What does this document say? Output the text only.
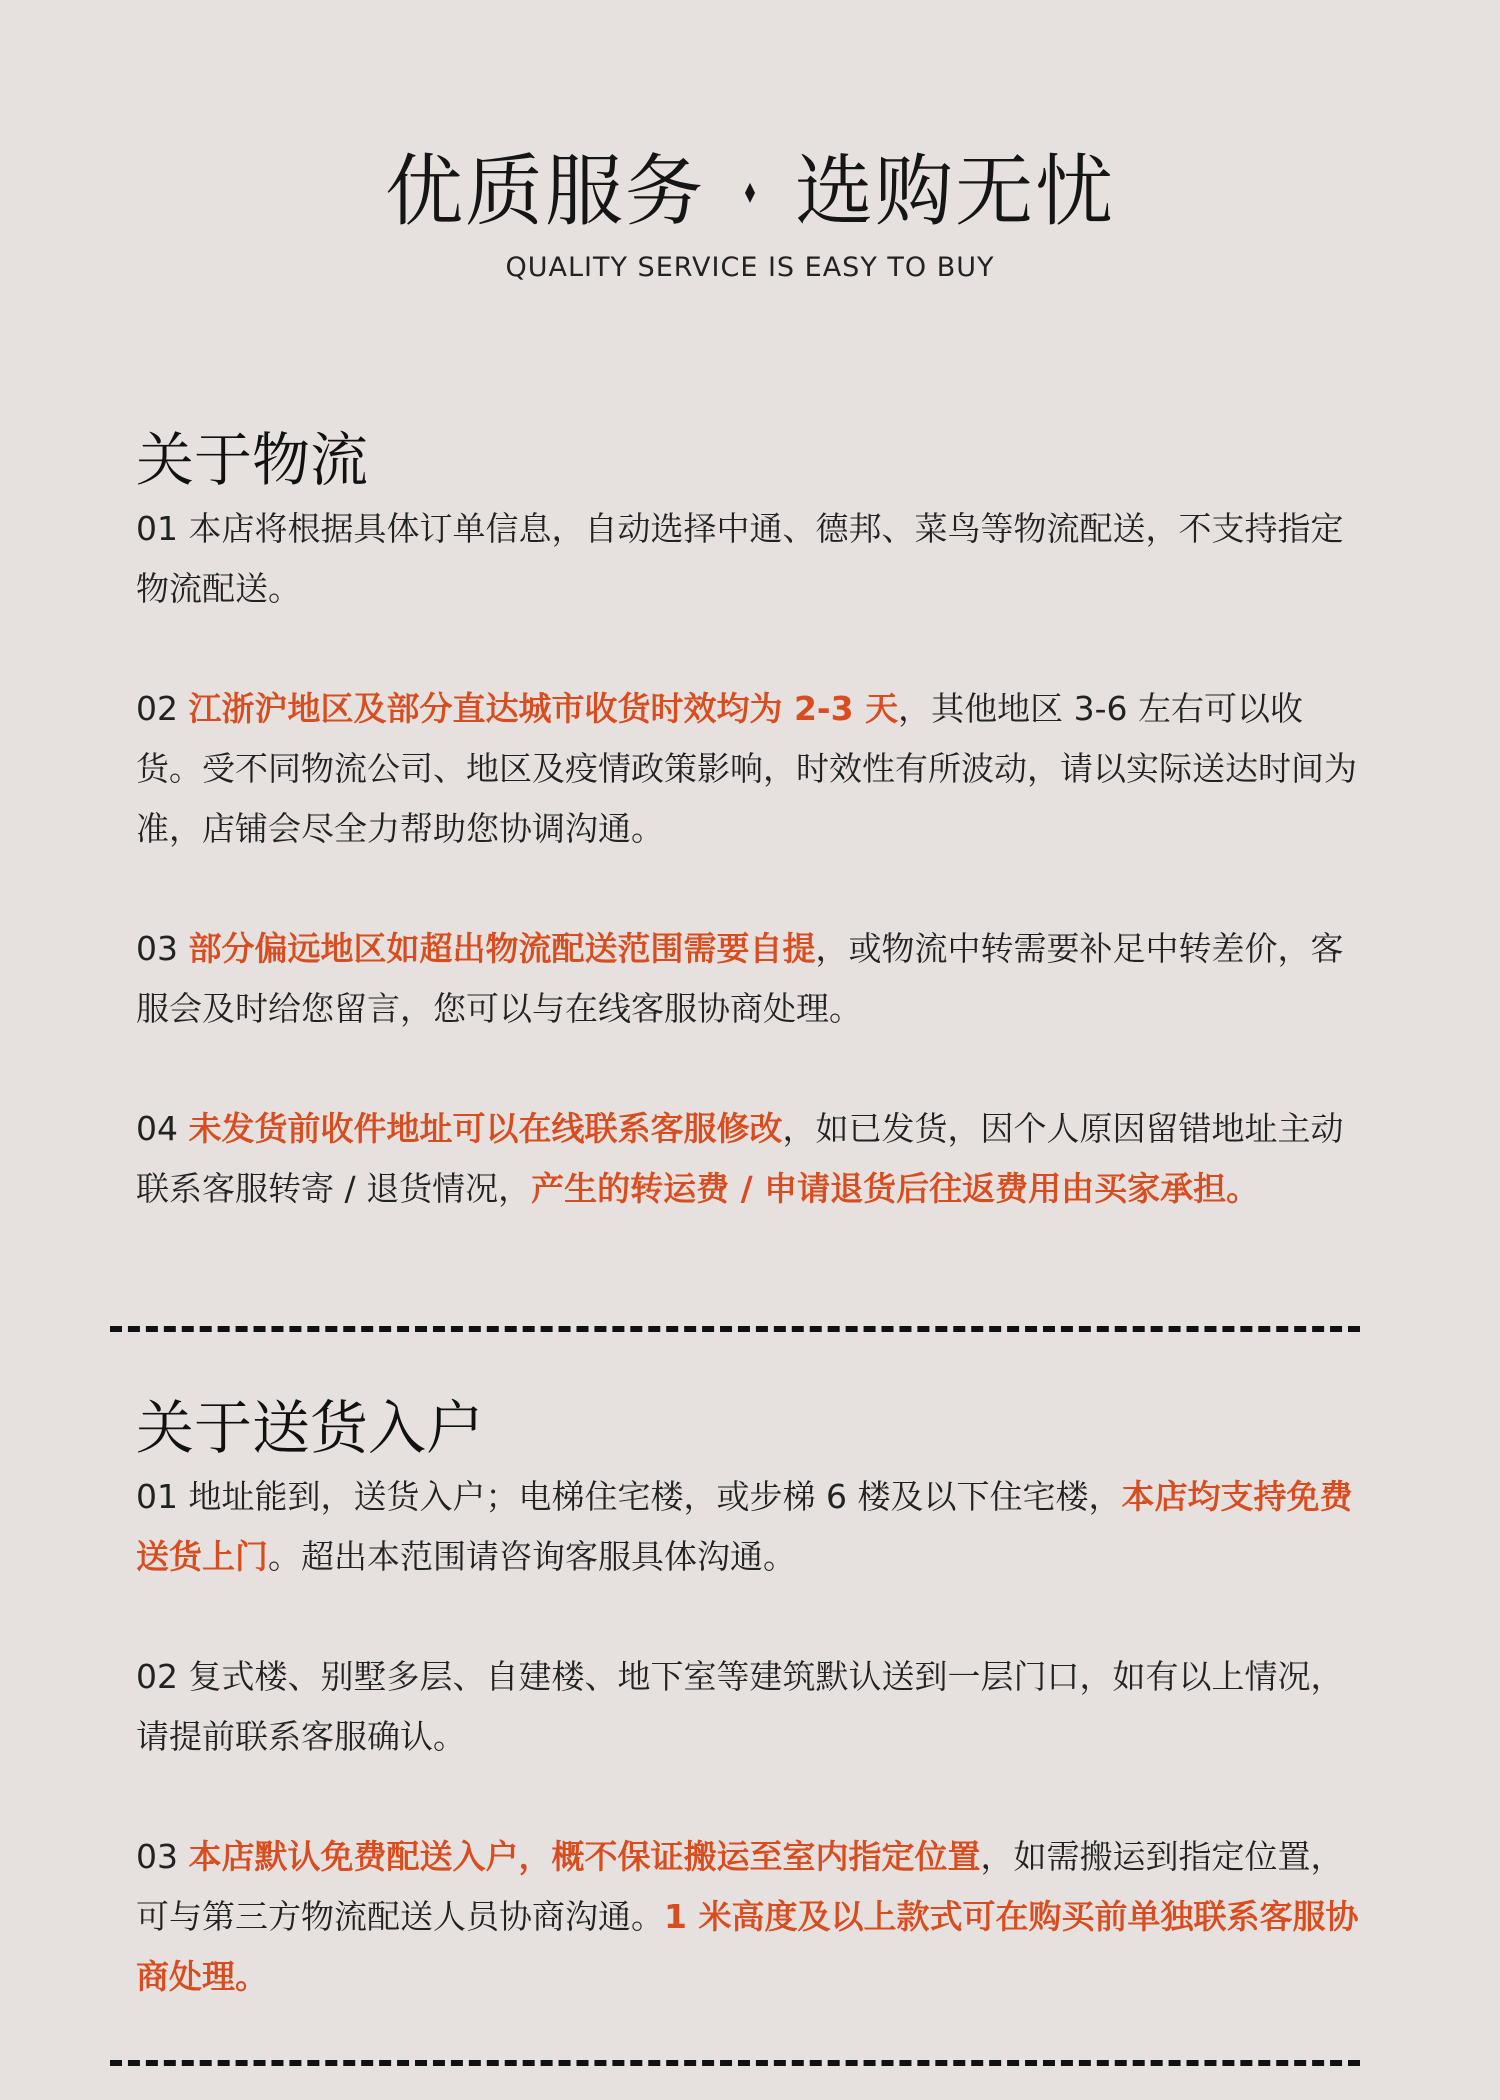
优质服务 选购无忧
QUALITY SERVICE IS EASY TO BUY
关于物流

01 本店将根据具体订单信息，自动选择中通、德邦、菜鸟等物流配送，不支持指定物流配送。

02 江浙沪地区及部分直达城市收货时效均为 2-3 天，其他地区 3-6 左右可以收货。受不同物流公司、地区及疫情政策影响，时效性有所波动，请以实际送达时间为准，店铺会尽全力帮助您协调沟通。

03 部分偏远地区如超出物流配送范围需要自提，或物流中转需要补足中转差价，客服会及时给您留言，您可以与在线客服协商处理。

04 未发货前收件地址可以在线联系客服修改，如已发货，因个人原因留错地址主动联系客服转寄 / 退货情况，产生的转运费 / 申请退货后往返费用由买家承担。

关于送货入户

01 地址能到，送货入户；电梯住宅楼，或步梯 6 楼及以下住宅楼，本店均支持免费送货上门。超出本范围请咨询客服具体沟通。

02 复式楼、别墅多层、自建楼、地下室等建筑默认送到一层门口，如有以上情况，请提前联系客服确认。

03 本店默认免费配送入户，概不保证搬运至室内指定位置，如需搬运到指定位置，可与第三方物流配送人员协商沟通。1 米高度及以上款式可在购买前单独联系客服协商处理。
